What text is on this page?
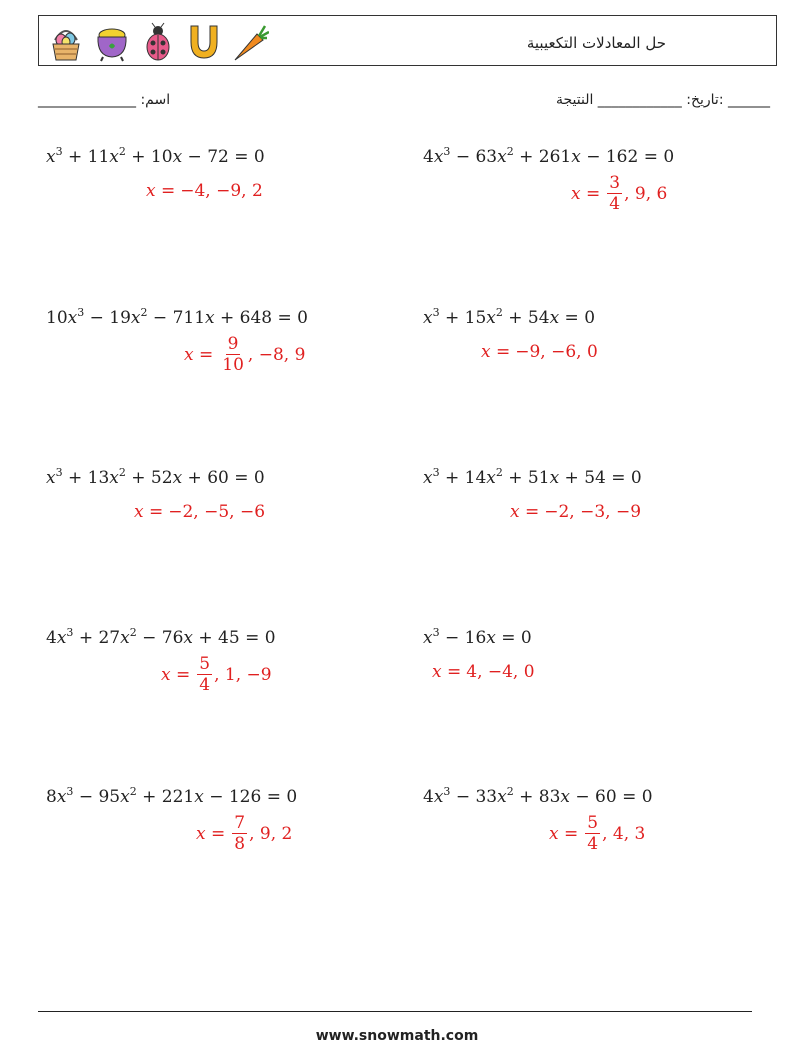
حل المعادلات التكعيبية
اسم: ______________	______ :تاريخ: ____________ النتيجة
$x^3 + 11x^2 + 10x - 72 = 0$
x = −4, −9, 2
$4x^3 - 63x^2 + 261x - 162 = 0$
$x = \frac{3}{4}$ , 9, 6
$10x^3 - 19x^2 - 711x + 648 = 0$
$x = \frac{9}{10}$ , −8, 9
$x^3 + 15x^2 + 54x = 0$
x = −9, −6, 0
$x^3 + 13x^2 + 52x + 60 = 0$
x = −2, −5, −6
$x^3 + 14x^2 + 51x + 54 = 0$
x = −2, −3, −9
$4x^3 + 27x^2 - 76x + 45 = 0$
$x = \frac{5}{4}$ , 1, −9
$x^3 - 16x = 0$
x = 4, −4, 0
$8x^3 - 95x^2 + 221x - 126 = 0$
$x = \frac{7}{8}$ , 9, 2
$4x^3 - 33x^2 + 83x - 60 = 0$
$x = \frac{5}{4}$ , 4, 3
www.snowmath.com
